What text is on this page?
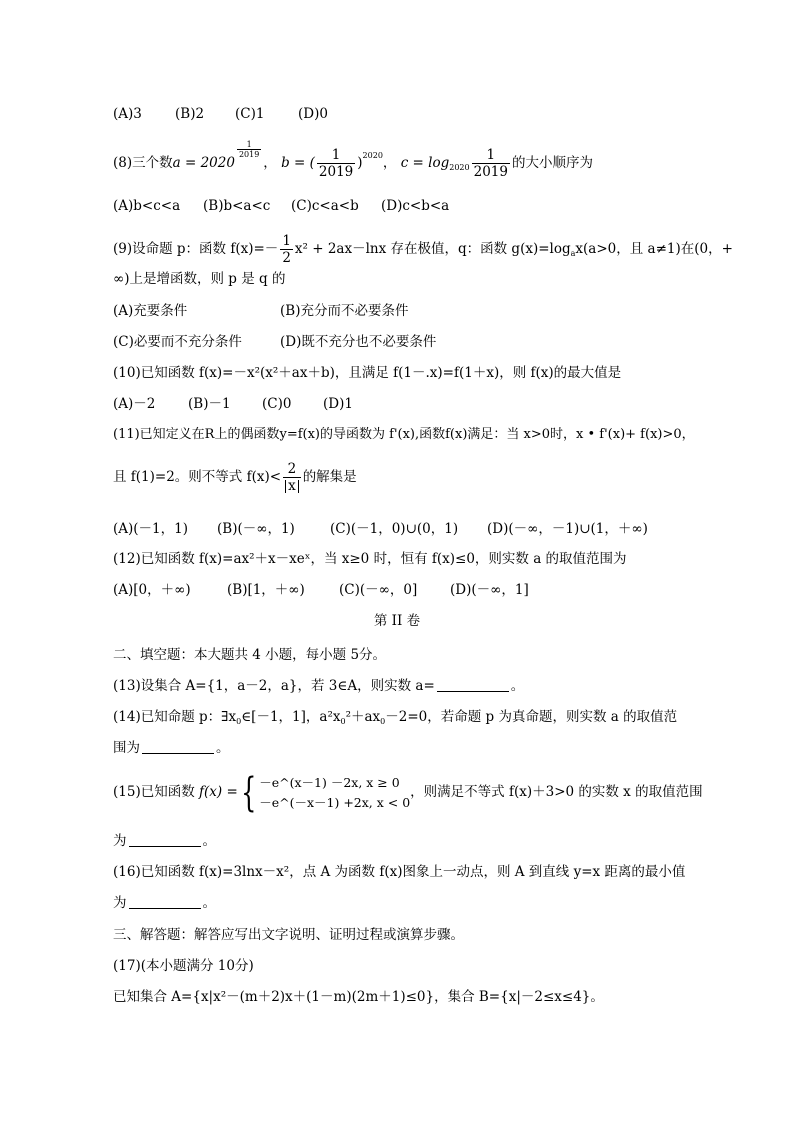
(A)3 (B)2 (C)1 (D)0
(8)三个数a = 2020
$\frac{1}{2019}$
， b = ( $\frac{1}{2019} )^{2020}$， $c = \log_{2020} \frac{1}{2019}$ 的大小顺序为
(A)b<c<a (B)b<a<c (C)c<a<b (D)c<b<a
(9)设命题 p：函数 $f(x)=- \frac{1}{2} x^2 + 2ax-\ln x$ 存在极值，q：函数 $g(x)=\log_ax(a>0$，且 a≠1)在(0，+
∞)上是增函数，则 p 是 q 的
(A)充要条件	(B)充分而不必要条件
(C)必要而不充分条件	(D)既不充分也不必要条件
(10)已知函数 f(x)=－x²(x²＋ax＋b)，且满足 f(1－.x)=f(1＋x)，则 f(x)的最大值是
(A)－2 (B)－1 (C)0 (D)1
(11)已知定义在R上的偶函数y=f(x)的导函数为 f'(x),函数f(x)满足：当 x>0时，x • f'(x)+ f(x)>0，
且 f(1)=2。则不等式 $f(x)< \frac{2}{x}$ 的解集是
(A)(－1，1) (B)(－∞，1)	(C)(－1，0)∪(0，1) (D)(－∞，－1)∪(1，＋∞)
(12)已知函数 f(x)=ax²＋x－xeˣ，当 x≥0 时，恒有 f(x)≤0，则实数 a 的取值范围为
(A)[0，＋∞)	(B)[1，＋∞)	(C)(－∞，0] (D)(－∞，1]
第 II 卷
二、填空题：本大题共 4 小题，每小题 5分。
(13)设集合 A={1，a－2，a}，若 3∈A，则实数 a=	。
(14)已知命题 p：$\exists x_0\in[-1$，1]，$a^2x_0^2+ax_0-2=0$，若命题 p 为真命题，则实数 a 的取值范
围为	。
(15)已知函数 f(x) ={ －e^(x－1) －2x, x ≥ 0
－e^(－x－1) +2x, x < 0
，则满足不等式 f(x)＋3>0 的实数 x 的取值范围
为	。
(16)已知函数 f(x)=3lnx－x²，点 A 为函数 f(x)图象上一动点，则 A 到直线 y=x 距离的最小值
为	。
三、解答题：解答应写出文字说明、证明过程或演算步骤。
(17)(本小题满分 10分)
已知集合 A={x|x²－(m＋2)x＋(1－m)(2m＋1)≤0}，集合 B={x|－2≤x≤4}。
